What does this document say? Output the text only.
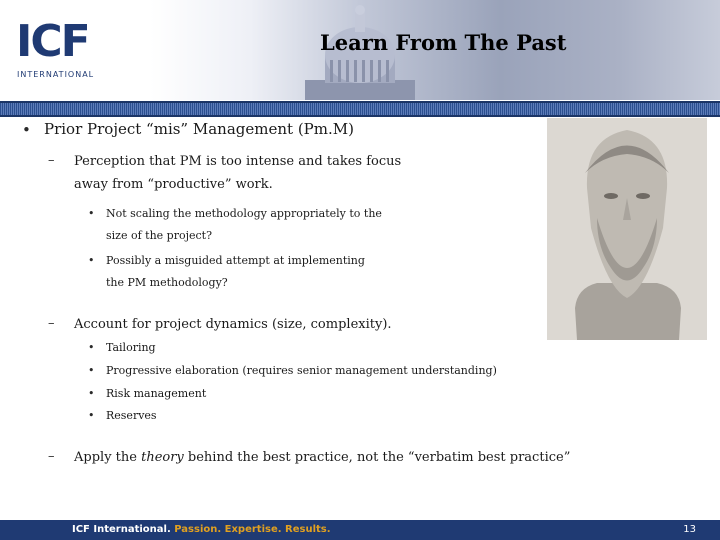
ICF
INTERNATIONAL
Learn From The Past
• Prior Project “mis” Management (Pm.M)
– Perception that PM is too intense and takes focus
away from “productive” work.
• Not scaling the methodology appropriately to the
size of the project?
• Possibly a misguided attempt at implementing
the PM methodology?
– Account for project dynamics (size, complexity).
• Tailoring
• Progressive elaboration (requires senior management understanding)
• Risk management
• Reserves
– Apply the theory behind the best practice, not the “verbatim best practice”
ICF International. Passion. Expertise. Results.	13
